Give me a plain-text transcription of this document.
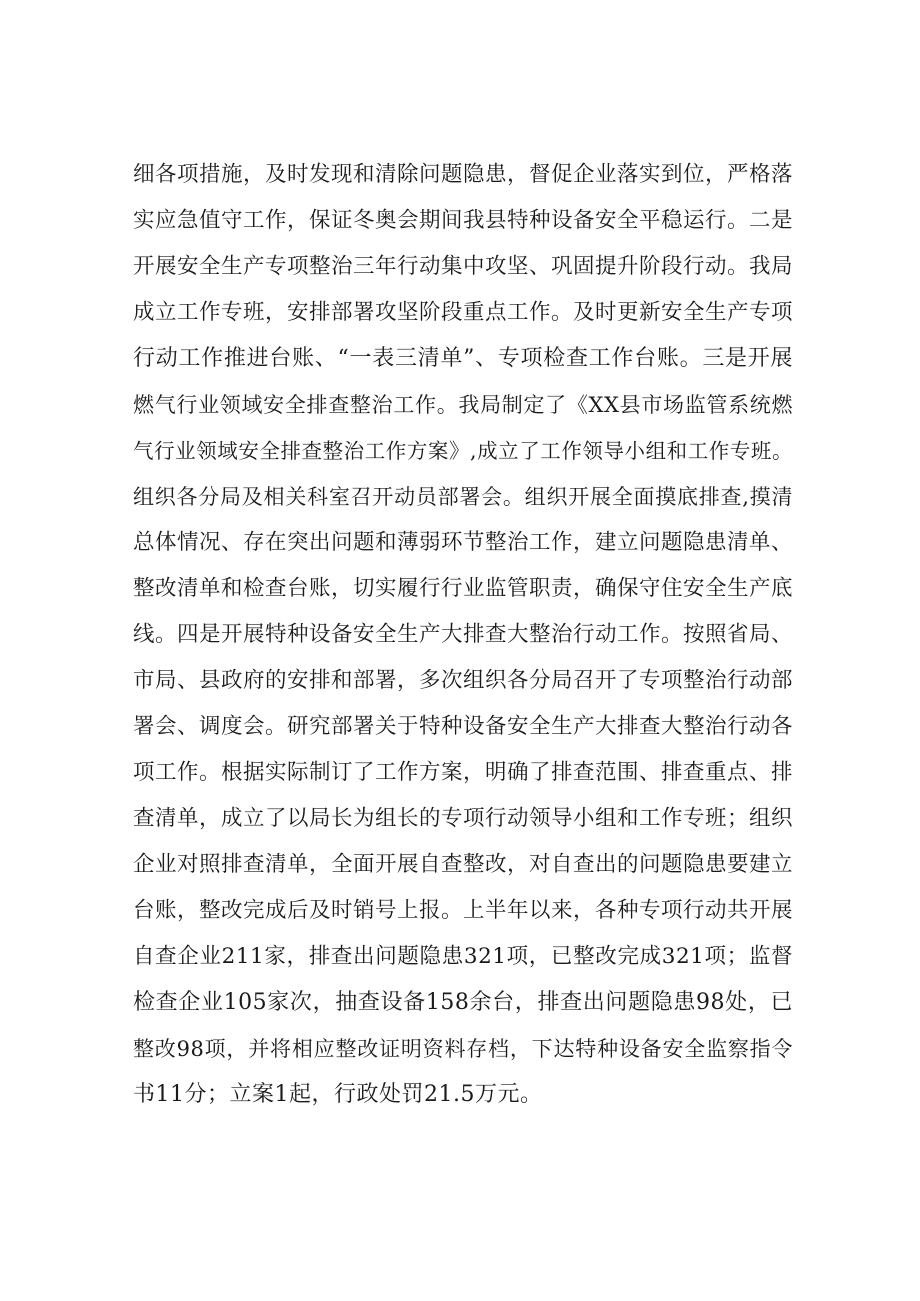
细各项措施，及时发现和清除问题隐患，督促企业落实到位，严格落
实应急值守工作，保证冬奥会期间我县特种设备安全平稳运行。二是
开展安全生产专项整治三年行动集中攻坚、巩固提升阶段行动。我局
成立工作专班，安排部署攻坚阶段重点工作。及时更新安全生产专项
行动工作推进台账、“一表三清单”、专项检查工作台账。三是开展
燃气行业领域安全排查整治工作。我局制定了《XX县市场监管系统燃
气行业领域安全排查整治工作方案》,成立了工作领导小组和工作专班。
组织各分局及相关科室召开动员部署会。组织开展全面摸底排查,摸清
总体情况、存在突出问题和薄弱环节整治工作，建立问题隐患清单、
整改清单和检查台账，切实履行行业监管职责，确保守住安全生产底
线。四是开展特种设备安全生产大排查大整治行动工作。按照省局、
市局、县政府的安排和部署，多次组织各分局召开了专项整治行动部
署会、调度会。研究部署关于特种设备安全生产大排查大整治行动各
项工作。根据实际制订了工作方案，明确了排查范围、排查重点、排
查清单，成立了以局长为组长的专项行动领导小组和工作专班；组织
企业对照排查清单，全面开展自查整改，对自查出的问题隐患要建立
台账，整改完成后及时销号上报。上半年以来，各种专项行动共开展
自查企业211家，排查出问题隐患321项，已整改完成321项；监督
检查企业105家次，抽查设备158余台，排查出问题隐患98处，已
整改98项，并将相应整改证明资料存档，下达特种设备安全监察指令
书11分；立案1起，行政处罚21.5万元。
